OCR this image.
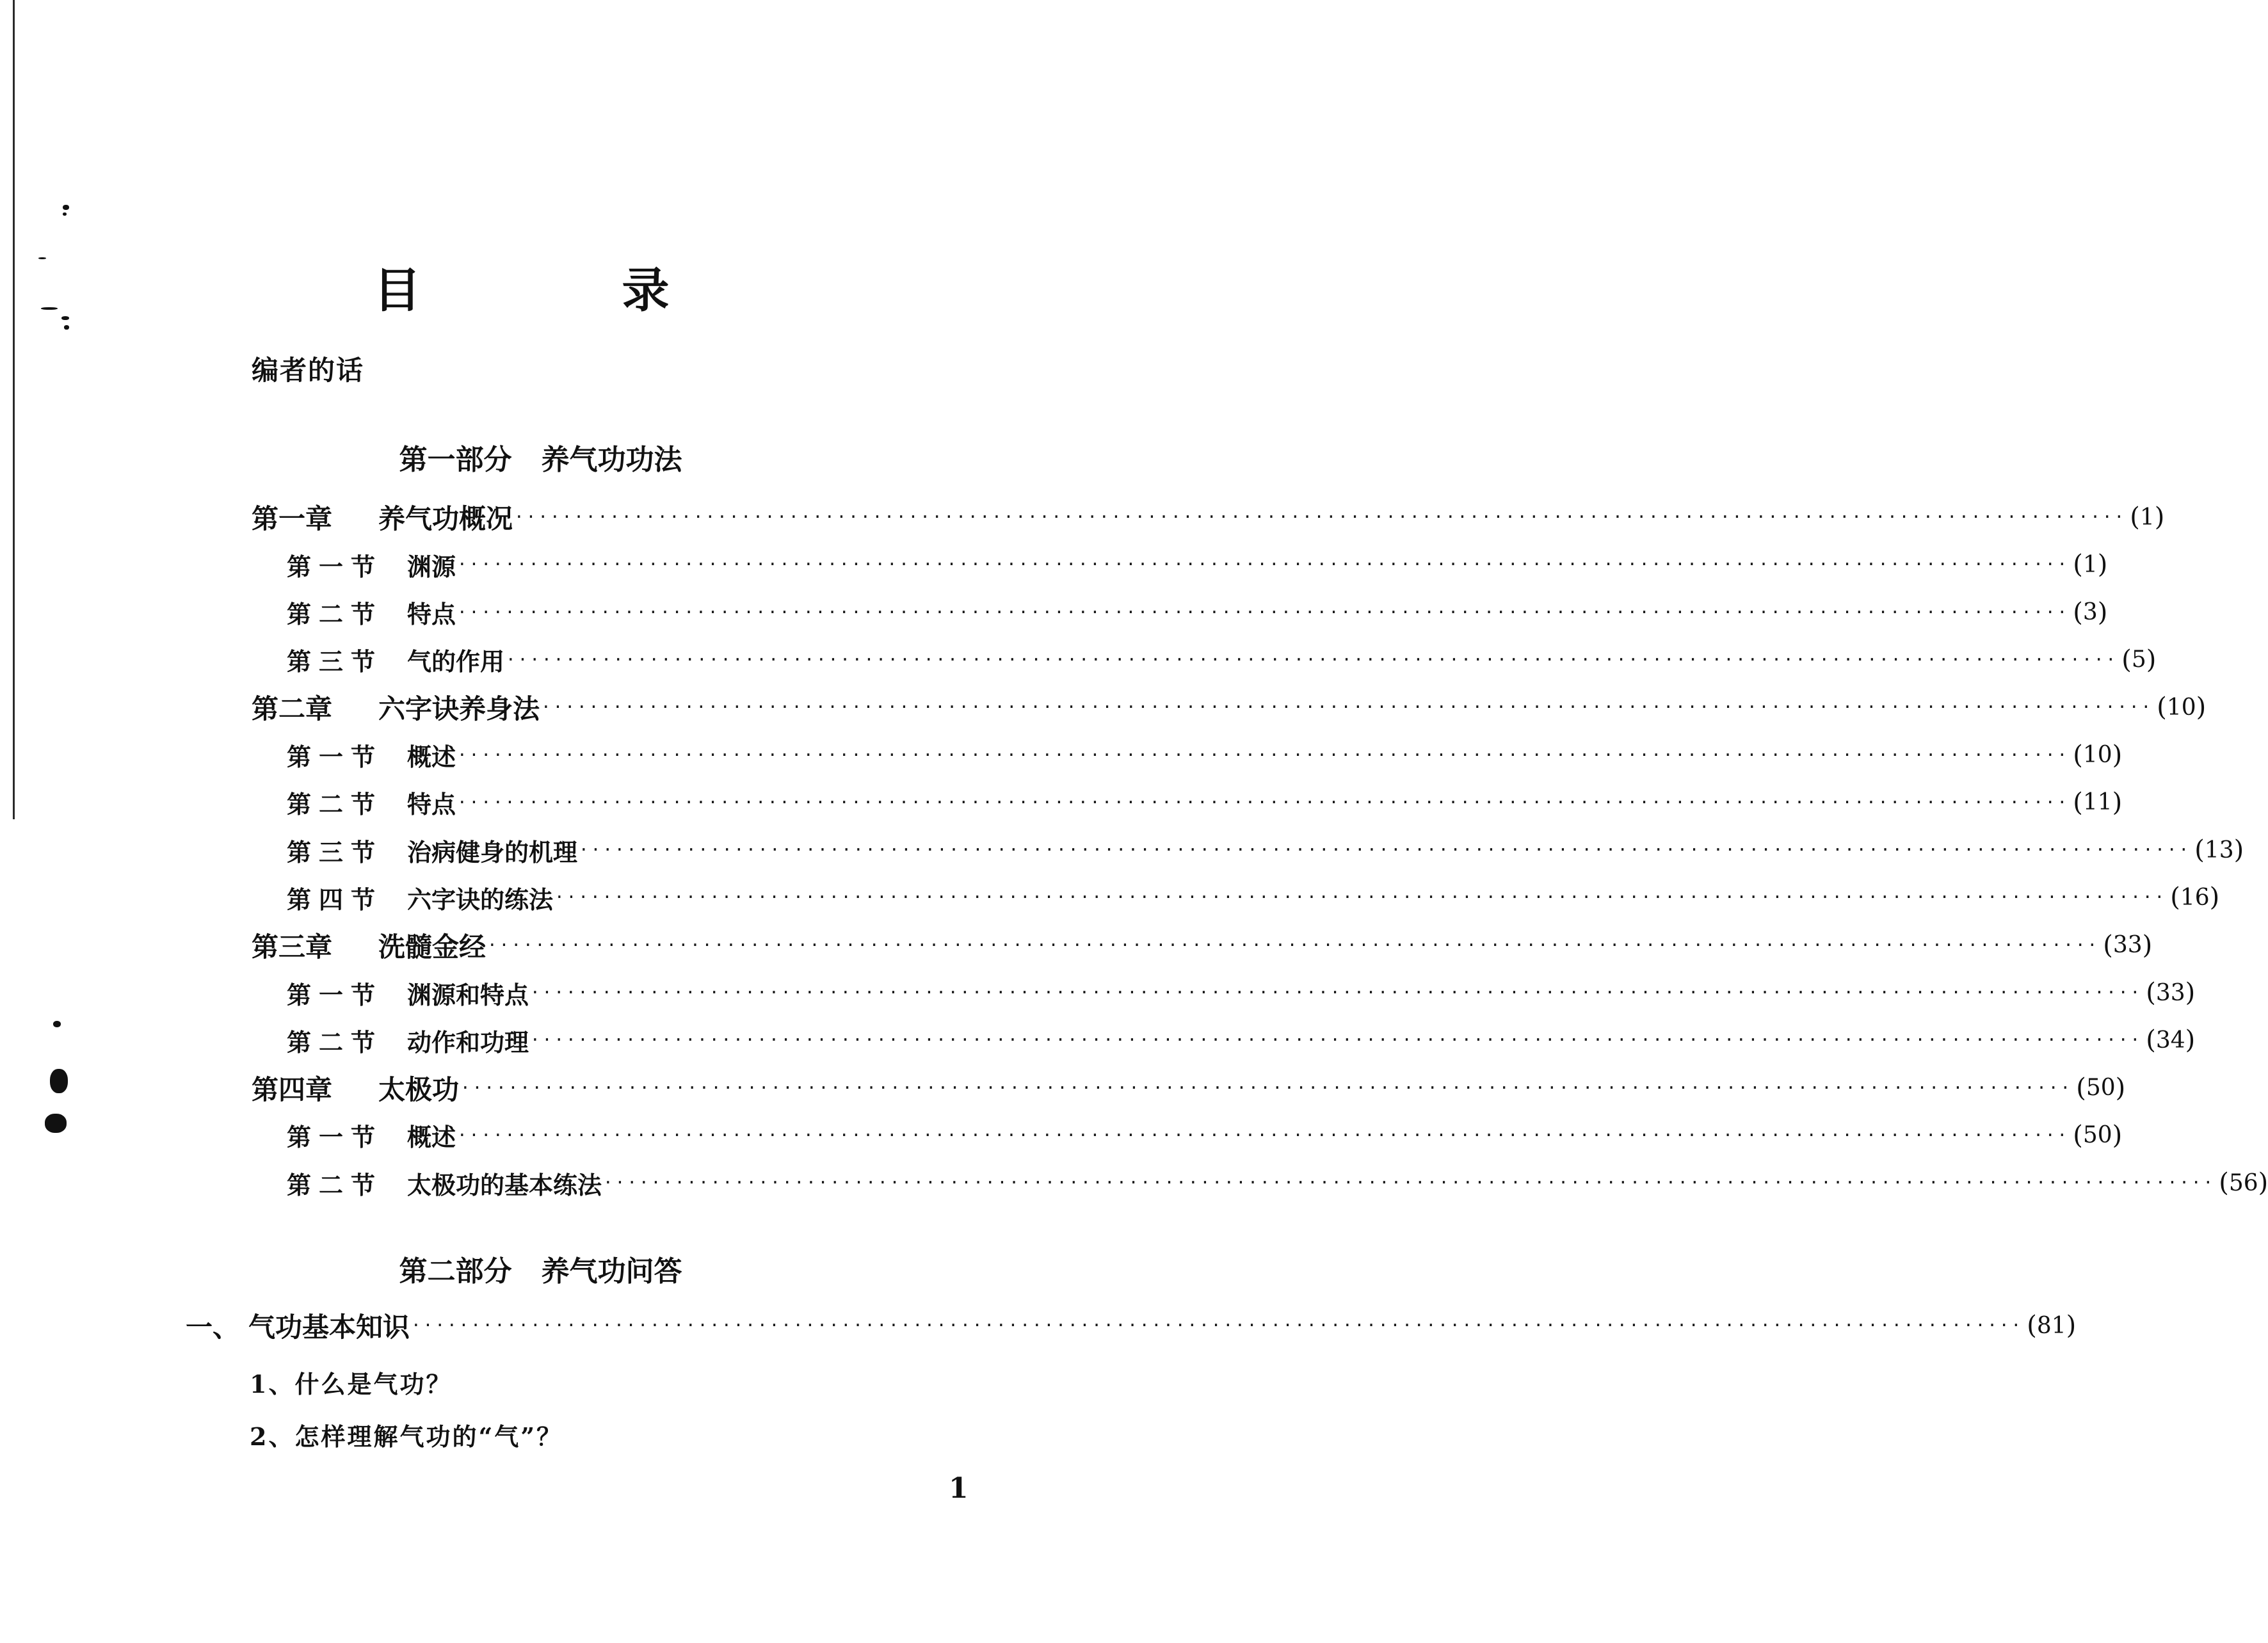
目　录
编者的话
第一部分 养气功功法
第一章	养气功概况 ······································································································································· ( 1 )
第一节 渊源 ······································································································································· ( 1 )
第二节 特点 ······································································································································· ( 3 )
第三节 气的作用 ······································································································································· ( 5 )
第二章	六字诀养身法 ······································································································································· ( 10 )
第一节 概述 ······································································································································· ( 10 )
第二节 特点 ······································································································································· ( 11 )
第三节 治病健身的机理 ······································································································································· ( 13 )
第四节 六字诀的练法 ······································································································································· ( 16 )
第三章	洗髓金经 ······································································································································· ( 33 )
第一节 渊源和特点 ······································································································································· ( 33 )
第二节 动作和功理 ······································································································································· ( 34 )
第四章	太极功 ······································································································································· ( 50 )
第一节 概述 ······································································································································· ( 50 )
第二节 太极功的基本练法 ······································································································································· ( 56 )
第二部分 养气功问答
一、 气功基本知识 ······································································································································· ( 81 )
1、什么是气功？
2、怎样理解气功的“气”？
1
